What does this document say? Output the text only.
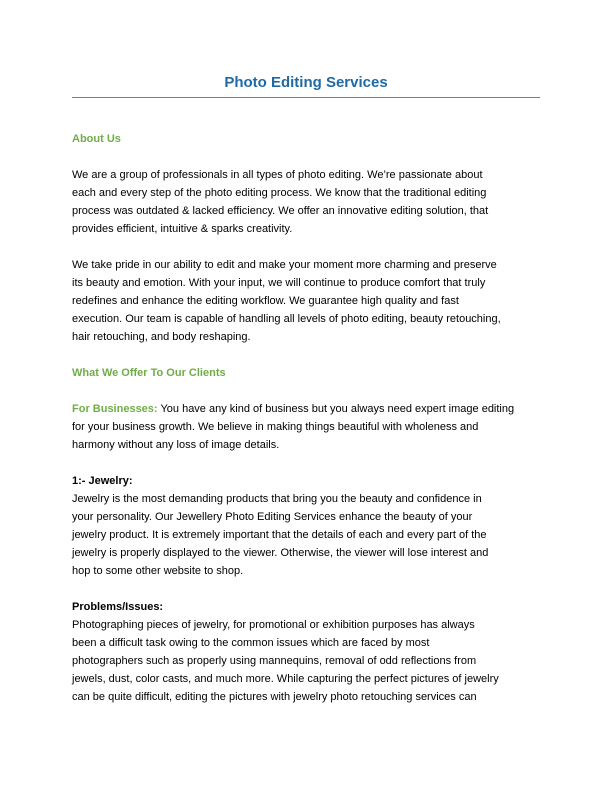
Photo Editing Services
About Us
We are a group of professionals in all types of photo editing. We’re passionate about
each and every step of the photo editing process. We know that the traditional editing
process was outdated & lacked efficiency. We offer an innovative editing solution, that
provides efficient, intuitive & sparks creativity.
We take pride in our ability to edit and make your moment more charming and preserve
its beauty and emotion. With your input, we will continue to produce comfort that truly
redefines and enhance the editing workflow. We guarantee high quality and fast
execution. Our team is capable of handling all levels of photo editing, beauty retouching,
hair retouching, and body reshaping.
What We Offer To Our Clients
For Businesses: You have any kind of business but you always need expert image editing
for your business growth. We believe in making things beautiful with wholeness and
harmony without any loss of image details.
1:- Jewelry:
Jewelry is the most demanding products that bring you the beauty and confidence in
your personality. Our Jewellery Photo Editing Services enhance the beauty of your
jewelry product. It is extremely important that the details of each and every part of the
jewelry is properly displayed to the viewer. Otherwise, the viewer will lose interest and
hop to some other website to shop.
Problems/Issues:
Photographing pieces of jewelry, for promotional or exhibition purposes has always
been a difficult task owing to the common issues which are faced by most
photographers such as properly using mannequins, removal of odd reflections from
jewels, dust, color casts, and much more. While capturing the perfect pictures of jewelry
can be quite difficult, editing the pictures with jewelry photo retouching services can
